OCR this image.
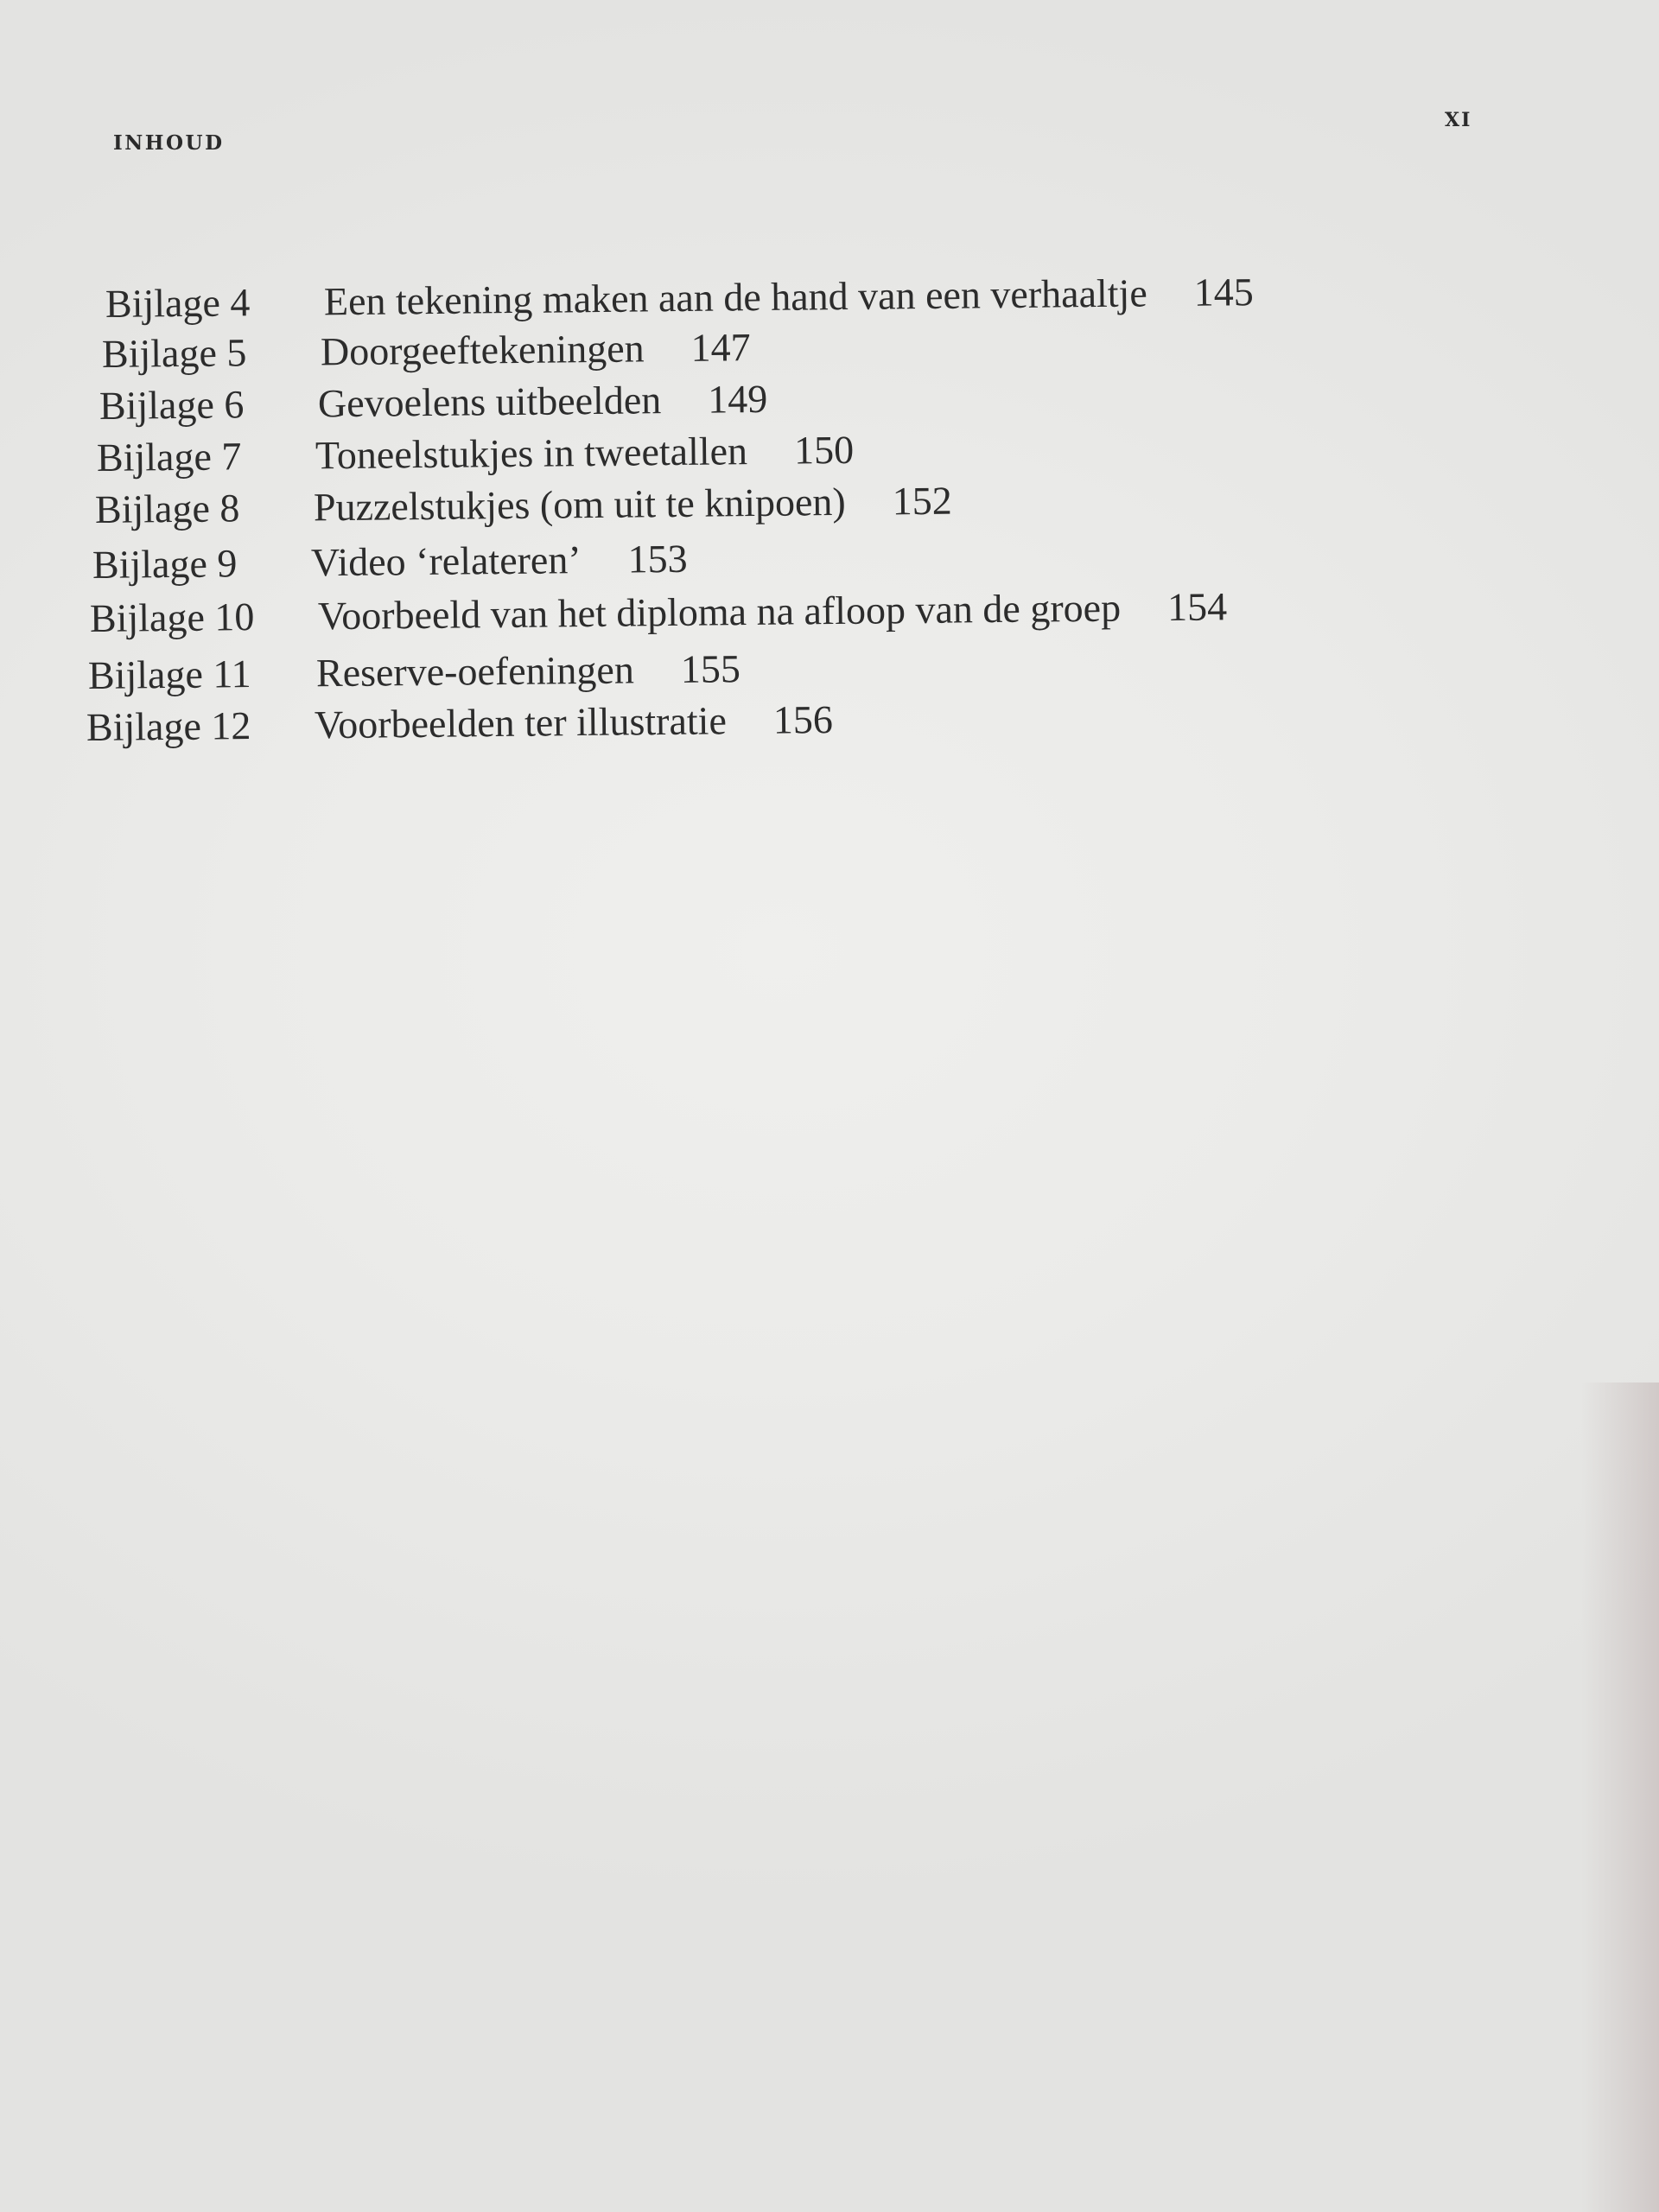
INHOUD
XI
Bijlage 4 Een tekening maken aan de hand van een verhaaltje 145
Bijlage 5 Doorgeeftekeningen 147
Bijlage 6 Gevoelens uitbeelden 149
Bijlage 7 Toneelstukjes in tweetallen 150
Bijlage 8 Puzzelstukjes (om uit te knipoen) 152
Bijlage 9 Video ‘relateren’ 153
Bijlage 10 Voorbeeld van het diploma na afloop van de groep 154
Bijlage 11 Reserve-oefeningen 155
Bijlage 12 Voorbeelden ter illustratie 156
